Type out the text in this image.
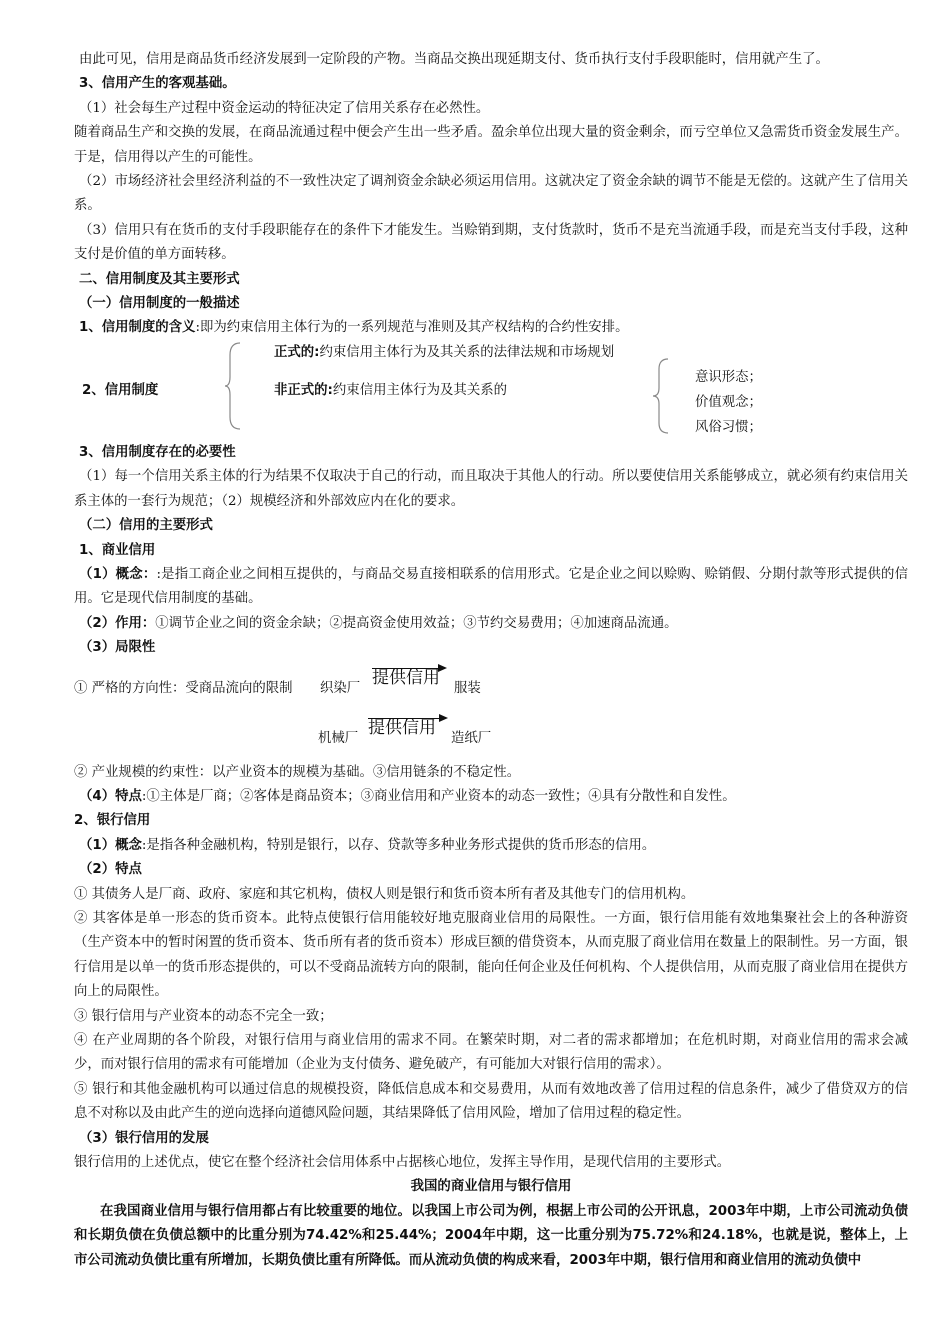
由此可见，信用是商品货币经济发展到一定阶段的产物。当商品交换出现延期支付、货币执行支付手段职能时，信用就产生了。

3、信用产生的客观基础。

（1）社会每生产过程中资金运动的特征决定了信用关系存在必然性。

随着商品生产和交换的发展，在商品流通过程中便会产生出一些矛盾。盈余单位出现大量的资金剩余，而亏空单位又急需货币资金发展生产。于是，信用得以产生的可能性。

（2）市场经济社会里经济利益的不一致性决定了调剂资金余缺必须运用信用。这就决定了资金余缺的调节不能是无偿的。这就产生了信用关系。

（3）信用只有在货币的支付手段职能存在的条件下才能发生。当赊销到期，支付货款时，货币不是充当流通手段，而是充当支付手段，这种支付是价值的单方面转移。

二、信用制度及其主要形式

（一）信用制度的一般描述

1、信用制度的含义:即为约束信用主体行为的一系列规范与准则及其产权结构的合约性安排。

2、信用制度
正式的:约束信用主体行为及其关系的法律法规和市场规划
非正式的:约束信用主体行为及其关系的
意识形态；
价值观念；
风俗习惯；

3、信用制度存在的必要性

（1）每一个信用关系主体的行为结果不仅取决于自己的行动，而且取决于其他人的行动。所以要使信用关系能够成立，就必须有约束信用关系主体的一套行为规范；（2）规模经济和外部效应内在化的要求。

（二）信用的主要形式

1、商业信用

（1）概念：:是指工商企业之间相互提供的，与商品交易直接相联系的信用形式。它是企业之间以赊购、赊销假、分期付款等形式提供的信用。它是现代信用制度的基础。

（2）作用：①调节企业之间的资金余缺；②提高资金使用效益；③节约交易费用；④加速商品流通。

（3）局限性

① 严格的方向性：受商品流向的限制 织染厂
提供信用
服装
机械厂
提供信用
造纸厂

② 产业规模的约束性：以产业资本的规模为基础。③信用链条的不稳定性。

（4）特点:①主体是厂商；②客体是商品资本；③商业信用和产业资本的动态一致性；④具有分散性和自发性。

2、银行信用

（1）概念:是指各种金融机构，特别是银行，以存、贷款等多种业务形式提供的货币形态的信用。

（2）特点

① 其债务人是厂商、政府、家庭和其它机构，债权人则是银行和货币资本所有者及其他专门的信用机构。

② 其客体是单一形态的货币资本。此特点使银行信用能较好地克服商业信用的局限性。一方面，银行信用能有效地集聚社会上的各种游资（生产资本中的暂时闲置的货币资本、货币所有者的货币资本）形成巨额的借贷资本，从而克服了商业信用在数量上的限制性。另一方面，银行信用是以单一的货币形态提供的，可以不受商品流转方向的限制，能向任何企业及任何机构、个人提供信用，从而克服了商业信用在提供方向上的局限性。

③ 银行信用与产业资本的动态不完全一致；

④ 在产业周期的各个阶段，对银行信用与商业信用的需求不同。在繁荣时期，对二者的需求都增加；在危机时期，对商业信用的需求会减少，而对银行信用的需求有可能增加（企业为支付债务、避免破产，有可能加大对银行信用的需求）。

⑤ 银行和其他金融机构可以通过信息的规模投资，降低信息成本和交易费用，从而有效地改善了信用过程的信息条件，减少了借贷双方的信息不对称以及由此产生的逆向选择向道德风险问题，其结果降低了信用风险，增加了信用过程的稳定性。

（3）银行信用的发展

银行信用的上述优点，使它在整个经济社会信用体系中占据核心地位，发挥主导作用，是现代信用的主要形式。

我国的商业信用与银行信用

在我国商业信用与银行信用都占有比较重要的地位。以我国上市公司为例，根据上市公司的公开讯息，2003年中期，上市公司流动负债和长期负债在负债总额中的比重分别为74.42%和25.44%；2004年中期，这一比重分别为75.72%和24.18%，也就是说，整体上，上市公司流动负债比重有所增加，长期负债比重有所降低。而从流动负债的构成来看，2003年中期，银行信用和商业信用的流动负债中
